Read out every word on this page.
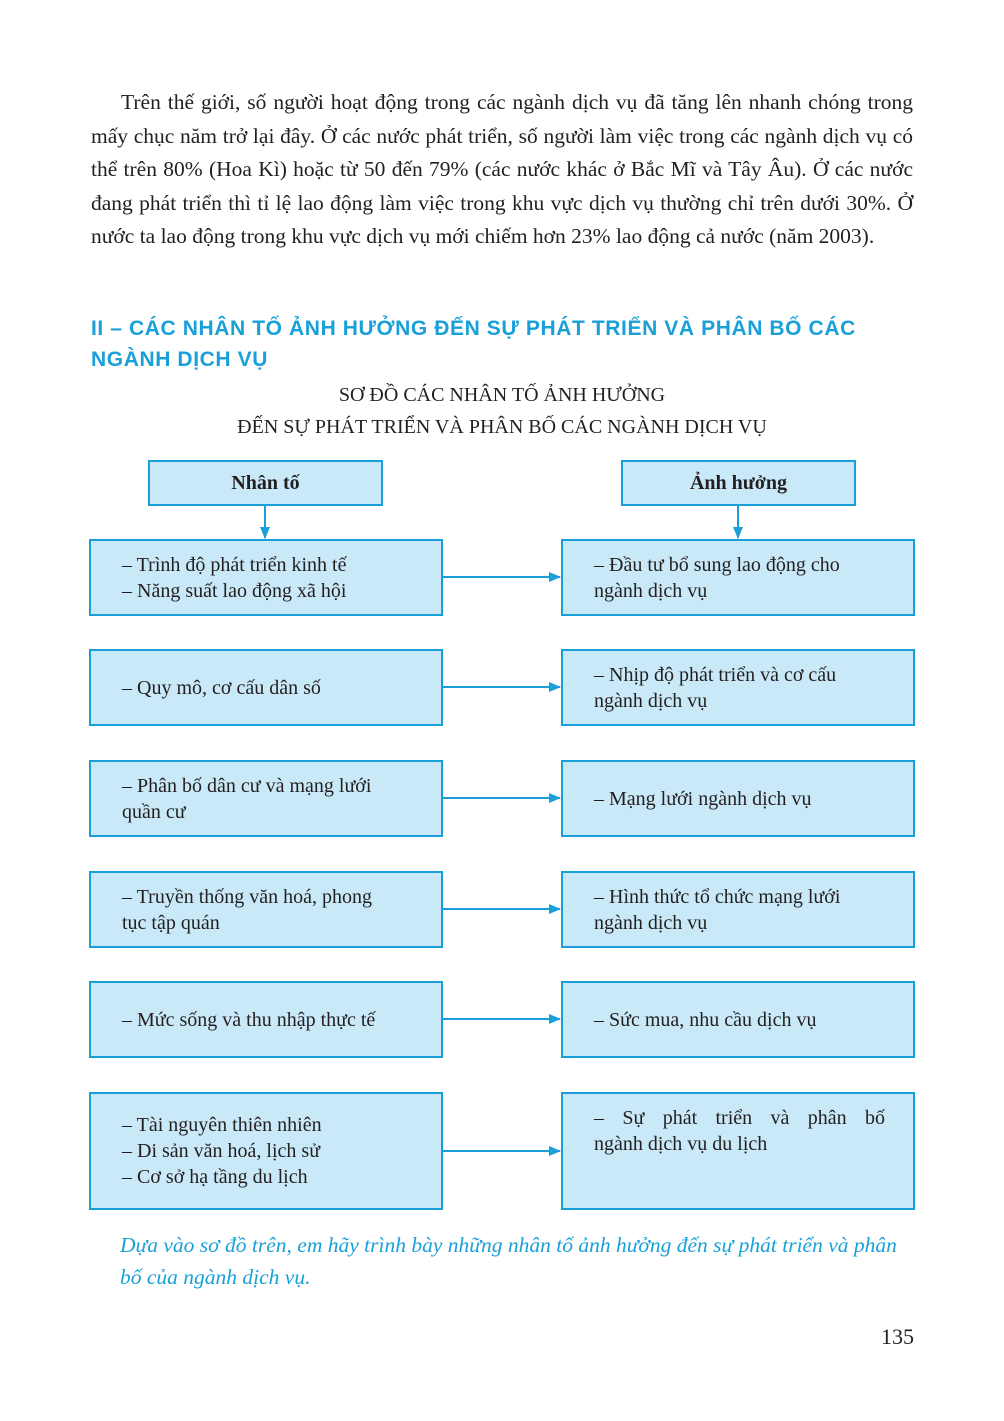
Trên thế giới, số người hoạt động trong các ngành dịch vụ đã tăng lên nhanh chóng trong mấy chục năm trở lại đây. Ở các nước phát triển, số người làm việc trong các ngành dịch vụ có thể trên 80% (Hoa Kì) hoặc từ 50 đến 79% (các nước khác ở Bắc Mĩ và Tây Âu). Ở các nước đang phát triển thì tỉ lệ lao động làm việc trong khu vực dịch vụ thường chỉ trên dưới 30%. Ở nước ta lao động trong khu vực dịch vụ mới chiếm hơn 23% lao động cả nước (năm 2003).

II – CÁC NHÂN TỐ ẢNH HƯỞNG ĐẾN SỰ PHÁT TRIỂN VÀ PHÂN BỐ CÁC NGÀNH DỊCH VỤ
SƠ ĐỒ CÁC NHÂN TỐ ẢNH HƯỞNG
ĐẾN SỰ PHÁT TRIỂN VÀ PHÂN BỐ CÁC NGÀNH DỊCH VỤ
Nhân tố	Ảnh hưởng
– Trình độ phát triển kinh tế
– Năng suất lao động xã hội
– Đầu tư bổ sung lao động cho
ngành dịch vụ
– Quy mô, cơ cấu dân số
– Nhịp độ phát triển và cơ cấu
ngành dịch vụ
– Phân bố dân cư và mạng lưới
quần cư
– Mạng lưới ngành dịch vụ
– Truyền thống văn hoá, phong
tục tập quán
– Hình thức tổ chức mạng lưới
ngành dịch vụ
– Mức sống và thu nhập thực tế	– Sức mua, nhu cầu dịch vụ
– Tài nguyên thiên nhiên
– Di sản văn hoá, lịch sử
– Cơ sở hạ tầng du lịch
– Sự phát triển và phân bố
ngành dịch vụ du lịch

Dựa vào sơ đồ trên, em hãy trình bày những nhân tố ảnh hưởng đến sự phát triển và phân bố của ngành dịch vụ.

135
